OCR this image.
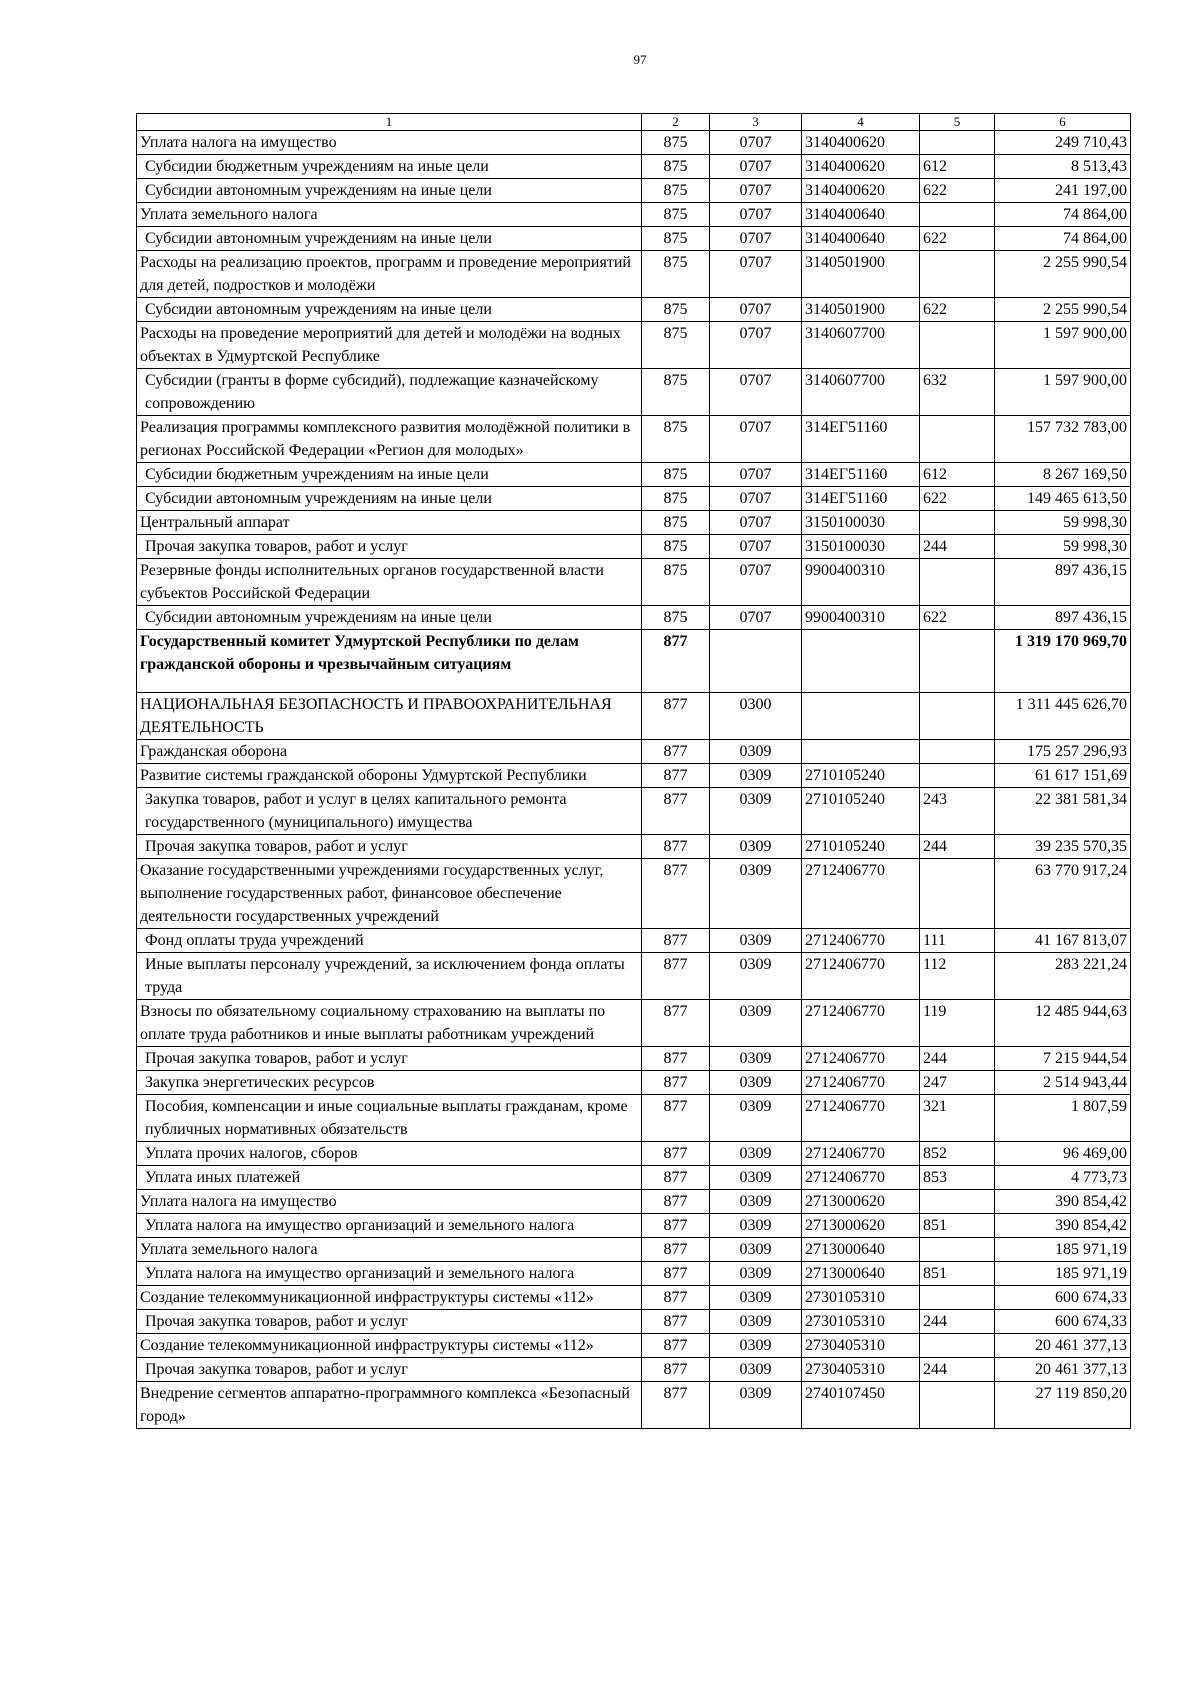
97
1	2	3	4	5	6
Уплата налога на имущество	875	0707	3140400620		249 710,43
Субсидии бюджетным учреждениям на иные цели	875	0707	3140400620	612	8 513,43
Субсидии автономным учреждениям на иные цели	875	0707	3140400620	622	241 197,00
Уплата земельного налога	875	0707	3140400640		74 864,00
Субсидии автономным учреждениям на иные цели	875	0707	3140400640	622	74 864,00
Расходы на реализацию проектов, программ и проведение мероприятий для детей, подростков и молодёжи	875	0707	3140501900		2 255 990,54
Субсидии автономным учреждениям на иные цели	875	0707	3140501900	622	2 255 990,54
Расходы на проведение мероприятий для детей и молодёжи на водных объектах в Удмуртской Республике	875	0707	3140607700		1 597 900,00
Субсидии (гранты в форме субсидий), подлежащие казначейскому сопровождению	875	0707	3140607700	632	1 597 900,00
Реализация программы комплексного развития молодёжной политики в регионах Российской Федерации «Регион для молодых»	875	0707	314ЕГ51160		157 732 783,00
Субсидии бюджетным учреждениям на иные цели	875	0707	314ЕГ51160	612	8 267 169,50
Субсидии автономным учреждениям на иные цели	875	0707	314ЕГ51160	622	149 465 613,50
Центральный аппарат	875	0707	3150100030		59 998,30
Прочая закупка товаров, работ и услуг	875	0707	3150100030	244	59 998,30
Резервные фонды исполнительных органов государственной власти субъектов Российской Федерации	875	0707	9900400310		897 436,15
Субсидии автономным учреждениям на иные цели	875	0707	9900400310	622	897 436,15
Государственный комитет Удмуртской Республики по делам гражданской обороны и чрезвычайным ситуациям	877				1 319 170 969,70
НАЦИОНАЛЬНАЯ БЕЗОПАСНОСТЬ И ПРАВООХРАНИТЕЛЬНАЯ ДЕЯТЕЛЬНОСТЬ	877	0300			1 311 445 626,70
Гражданская оборона	877	0309			175 257 296,93
Развитие системы гражданской обороны Удмуртской Республики	877	0309	2710105240		61 617 151,69
Закупка товаров, работ и услуг в целях капитального ремонта государственного (муниципального) имущества	877	0309	2710105240	243	22 381 581,34
Прочая закупка товаров, работ и услуг	877	0309	2710105240	244	39 235 570,35
Оказание государственными учреждениями государственных услуг, выполнение государственных работ, финансовое обеспечение деятельности государственных учреждений	877	0309	2712406770		63 770 917,24
Фонд оплаты труда учреждений	877	0309	2712406770	111	41 167 813,07
Иные выплаты персоналу учреждений, за исключением фонда оплаты труда	877	0309	2712406770	112	283 221,24
Взносы по обязательному социальному страхованию на выплаты по оплате труда работников и иные выплаты работникам учреждений	877	0309	2712406770	119	12 485 944,63
Прочая закупка товаров, работ и услуг	877	0309	2712406770	244	7 215 944,54
Закупка энергетических ресурсов	877	0309	2712406770	247	2 514 943,44
Пособия, компенсации и иные социальные выплаты гражданам, кроме публичных нормативных обязательств	877	0309	2712406770	321	1 807,59
Уплата прочих налогов, сборов	877	0309	2712406770	852	96 469,00
Уплата иных платежей	877	0309	2712406770	853	4 773,73
Уплата налога на имущество	877	0309	2713000620		390 854,42
Уплата налога на имущество организаций и земельного налога	877	0309	2713000620	851	390 854,42
Уплата земельного налога	877	0309	2713000640		185 971,19
Уплата налога на имущество организаций и земельного налога	877	0309	2713000640	851	185 971,19
Создание телекоммуникационной инфраструктуры системы «112»	877	0309	2730105310		600 674,33
Прочая закупка товаров, работ и услуг	877	0309	2730105310	244	600 674,33
Создание телекоммуникационной инфраструктуры системы «112»	877	0309	2730405310		20 461 377,13
Прочая закупка товаров, работ и услуг	877	0309	2730405310	244	20 461 377,13
Внедрение сегментов аппаратно-программного комплекса «Безопасный город»	877	0309	2740107450		27 119 850,20
